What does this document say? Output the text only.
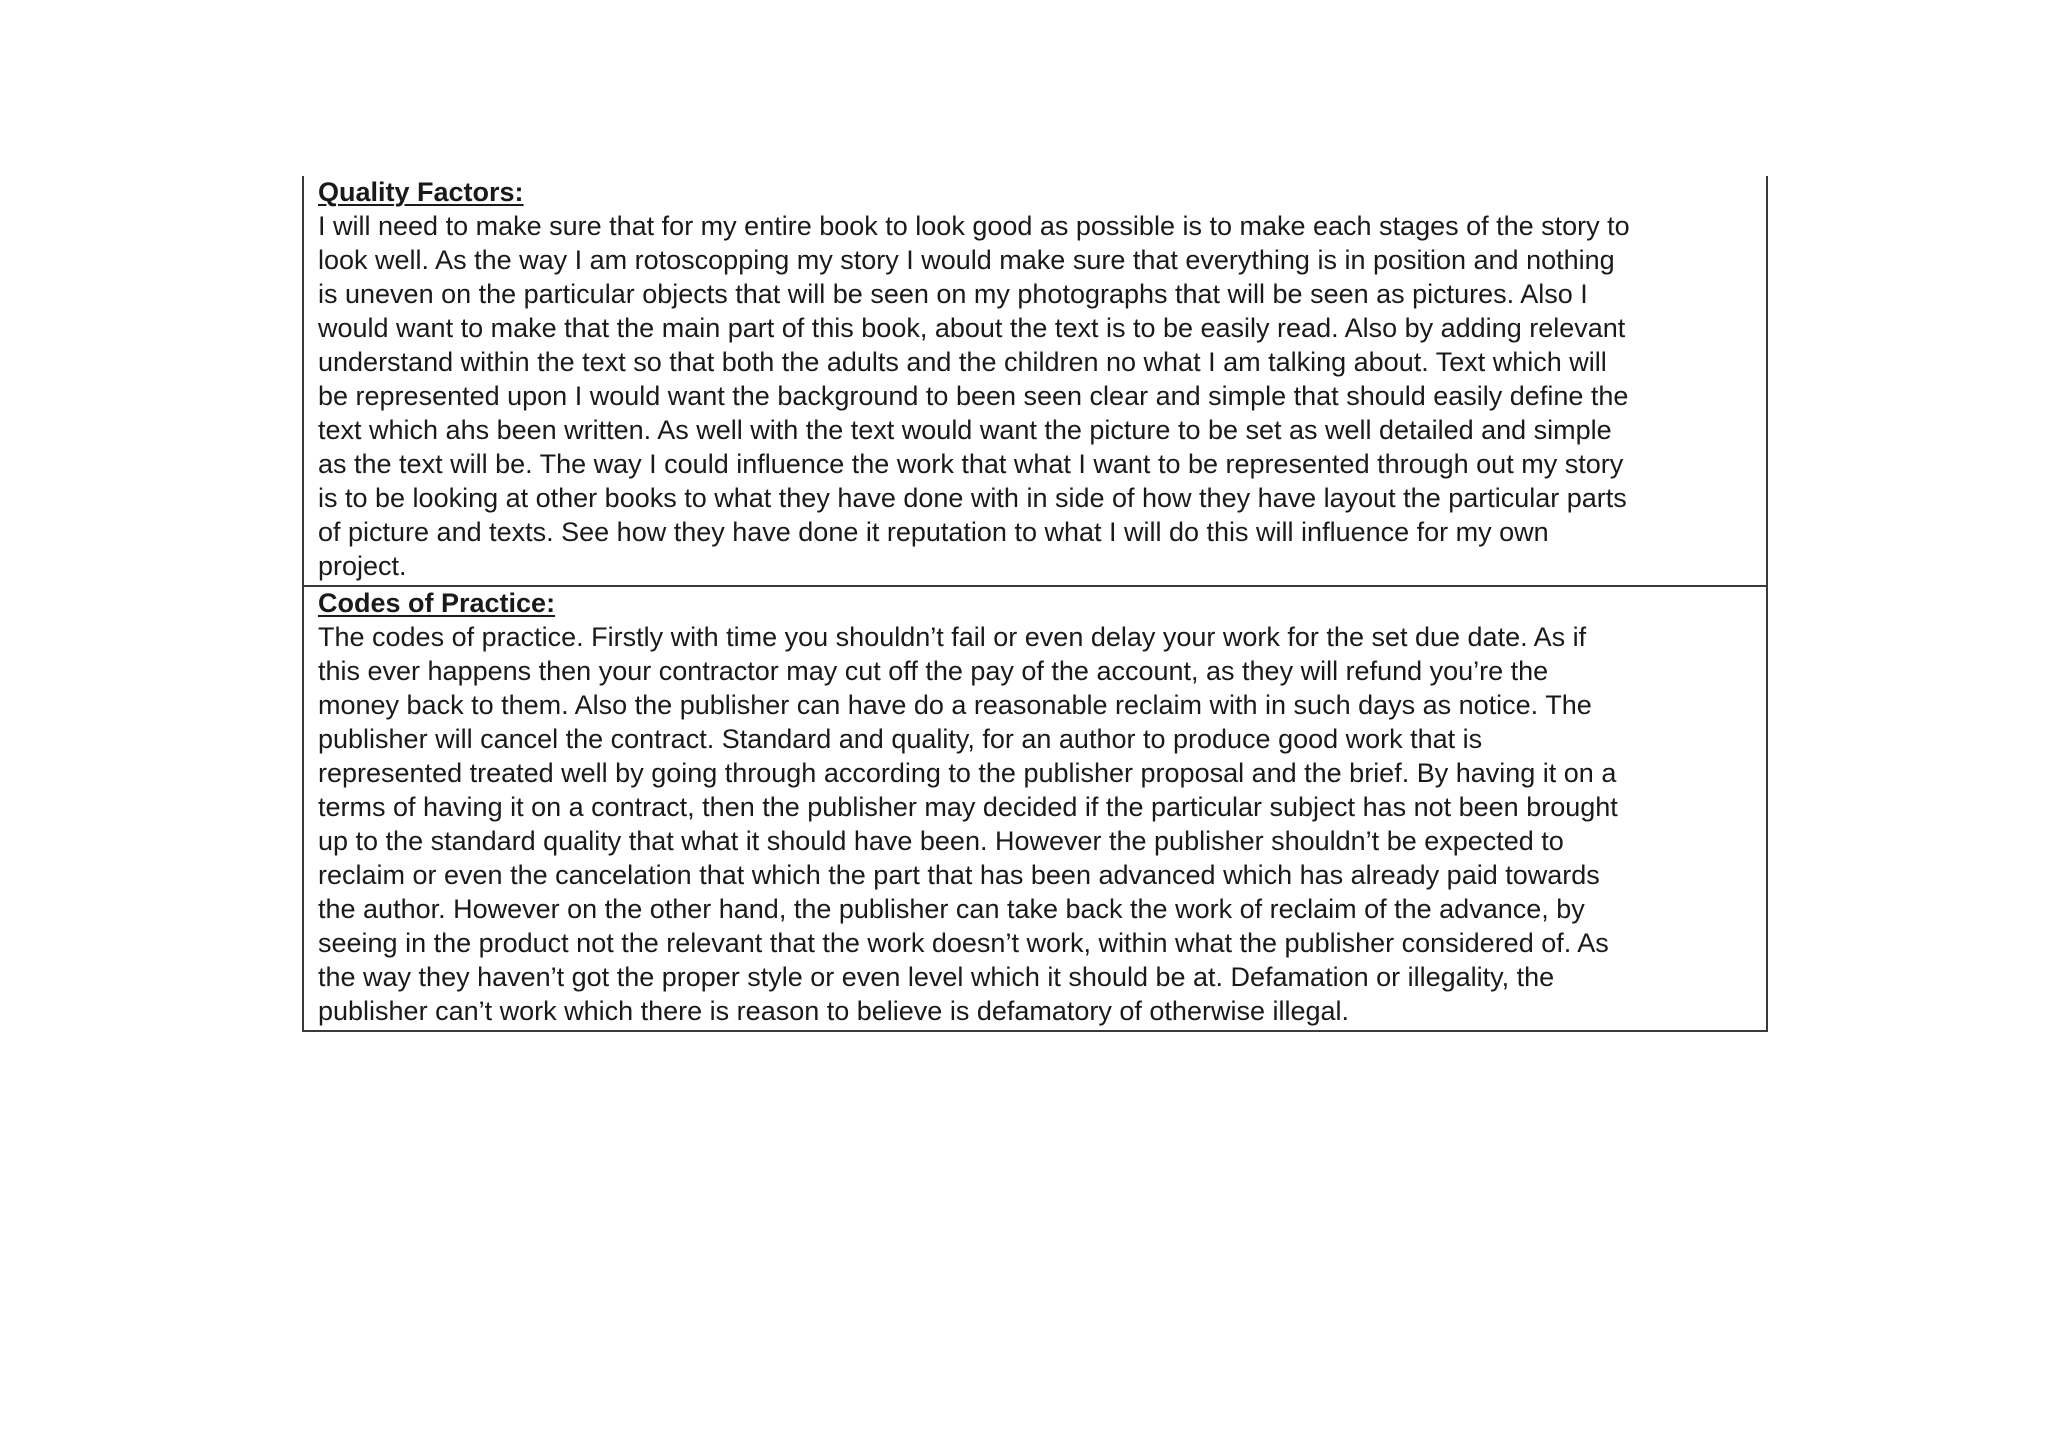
Quality Factors:

I will need to make sure that for my entire book to look good as possible is to make each stages of the story to
look well. As the way I am rotoscopping my story I would make sure that everything is in position and nothing
is uneven on the particular objects that will be seen on my photographs that will be seen as pictures. Also I
would want to make that the main part of this book, about the text is to be easily read. Also by adding relevant
understand within the text so that both the adults and the children no what I am talking about. Text which will
be represented upon I would want the background to been seen clear and simple that should easily define the
text which ahs been written. As well with the text would want the picture to be set as well detailed and simple
as the text will be. The way I could influence the work that what I want to be represented through out my story
is to be looking at other books to what they have done with in side of how they have layout the particular parts
of picture and texts. See how they have done it reputation to what I will do this will influence for my own
project.

Codes of Practice:

The codes of practice. Firstly with time you shouldn’t fail or even delay your work for the set due date. As if
this ever happens then your contractor may cut off the pay of the account, as they will refund you’re the
money back to them. Also the publisher can have do a reasonable reclaim with in such days as notice. The
publisher will cancel the contract. Standard and quality, for an author to produce good work that is
represented treated well by going through according to the publisher proposal and the brief. By having it on a
terms of having it on a contract, then the publisher may decided if the particular subject has not been brought
up to the standard quality that what it should have been. However the publisher shouldn’t be expected to
reclaim or even the cancelation that which the part that has been advanced which has already paid towards
the author. However on the other hand, the publisher can take back the work of reclaim of the advance, by
seeing in the product not the relevant that the work doesn’t work, within what the publisher considered of. As
the way they haven’t got the proper style or even level which it should be at. Defamation or illegality, the
publisher can’t work which there is reason to believe is defamatory of otherwise illegal.
